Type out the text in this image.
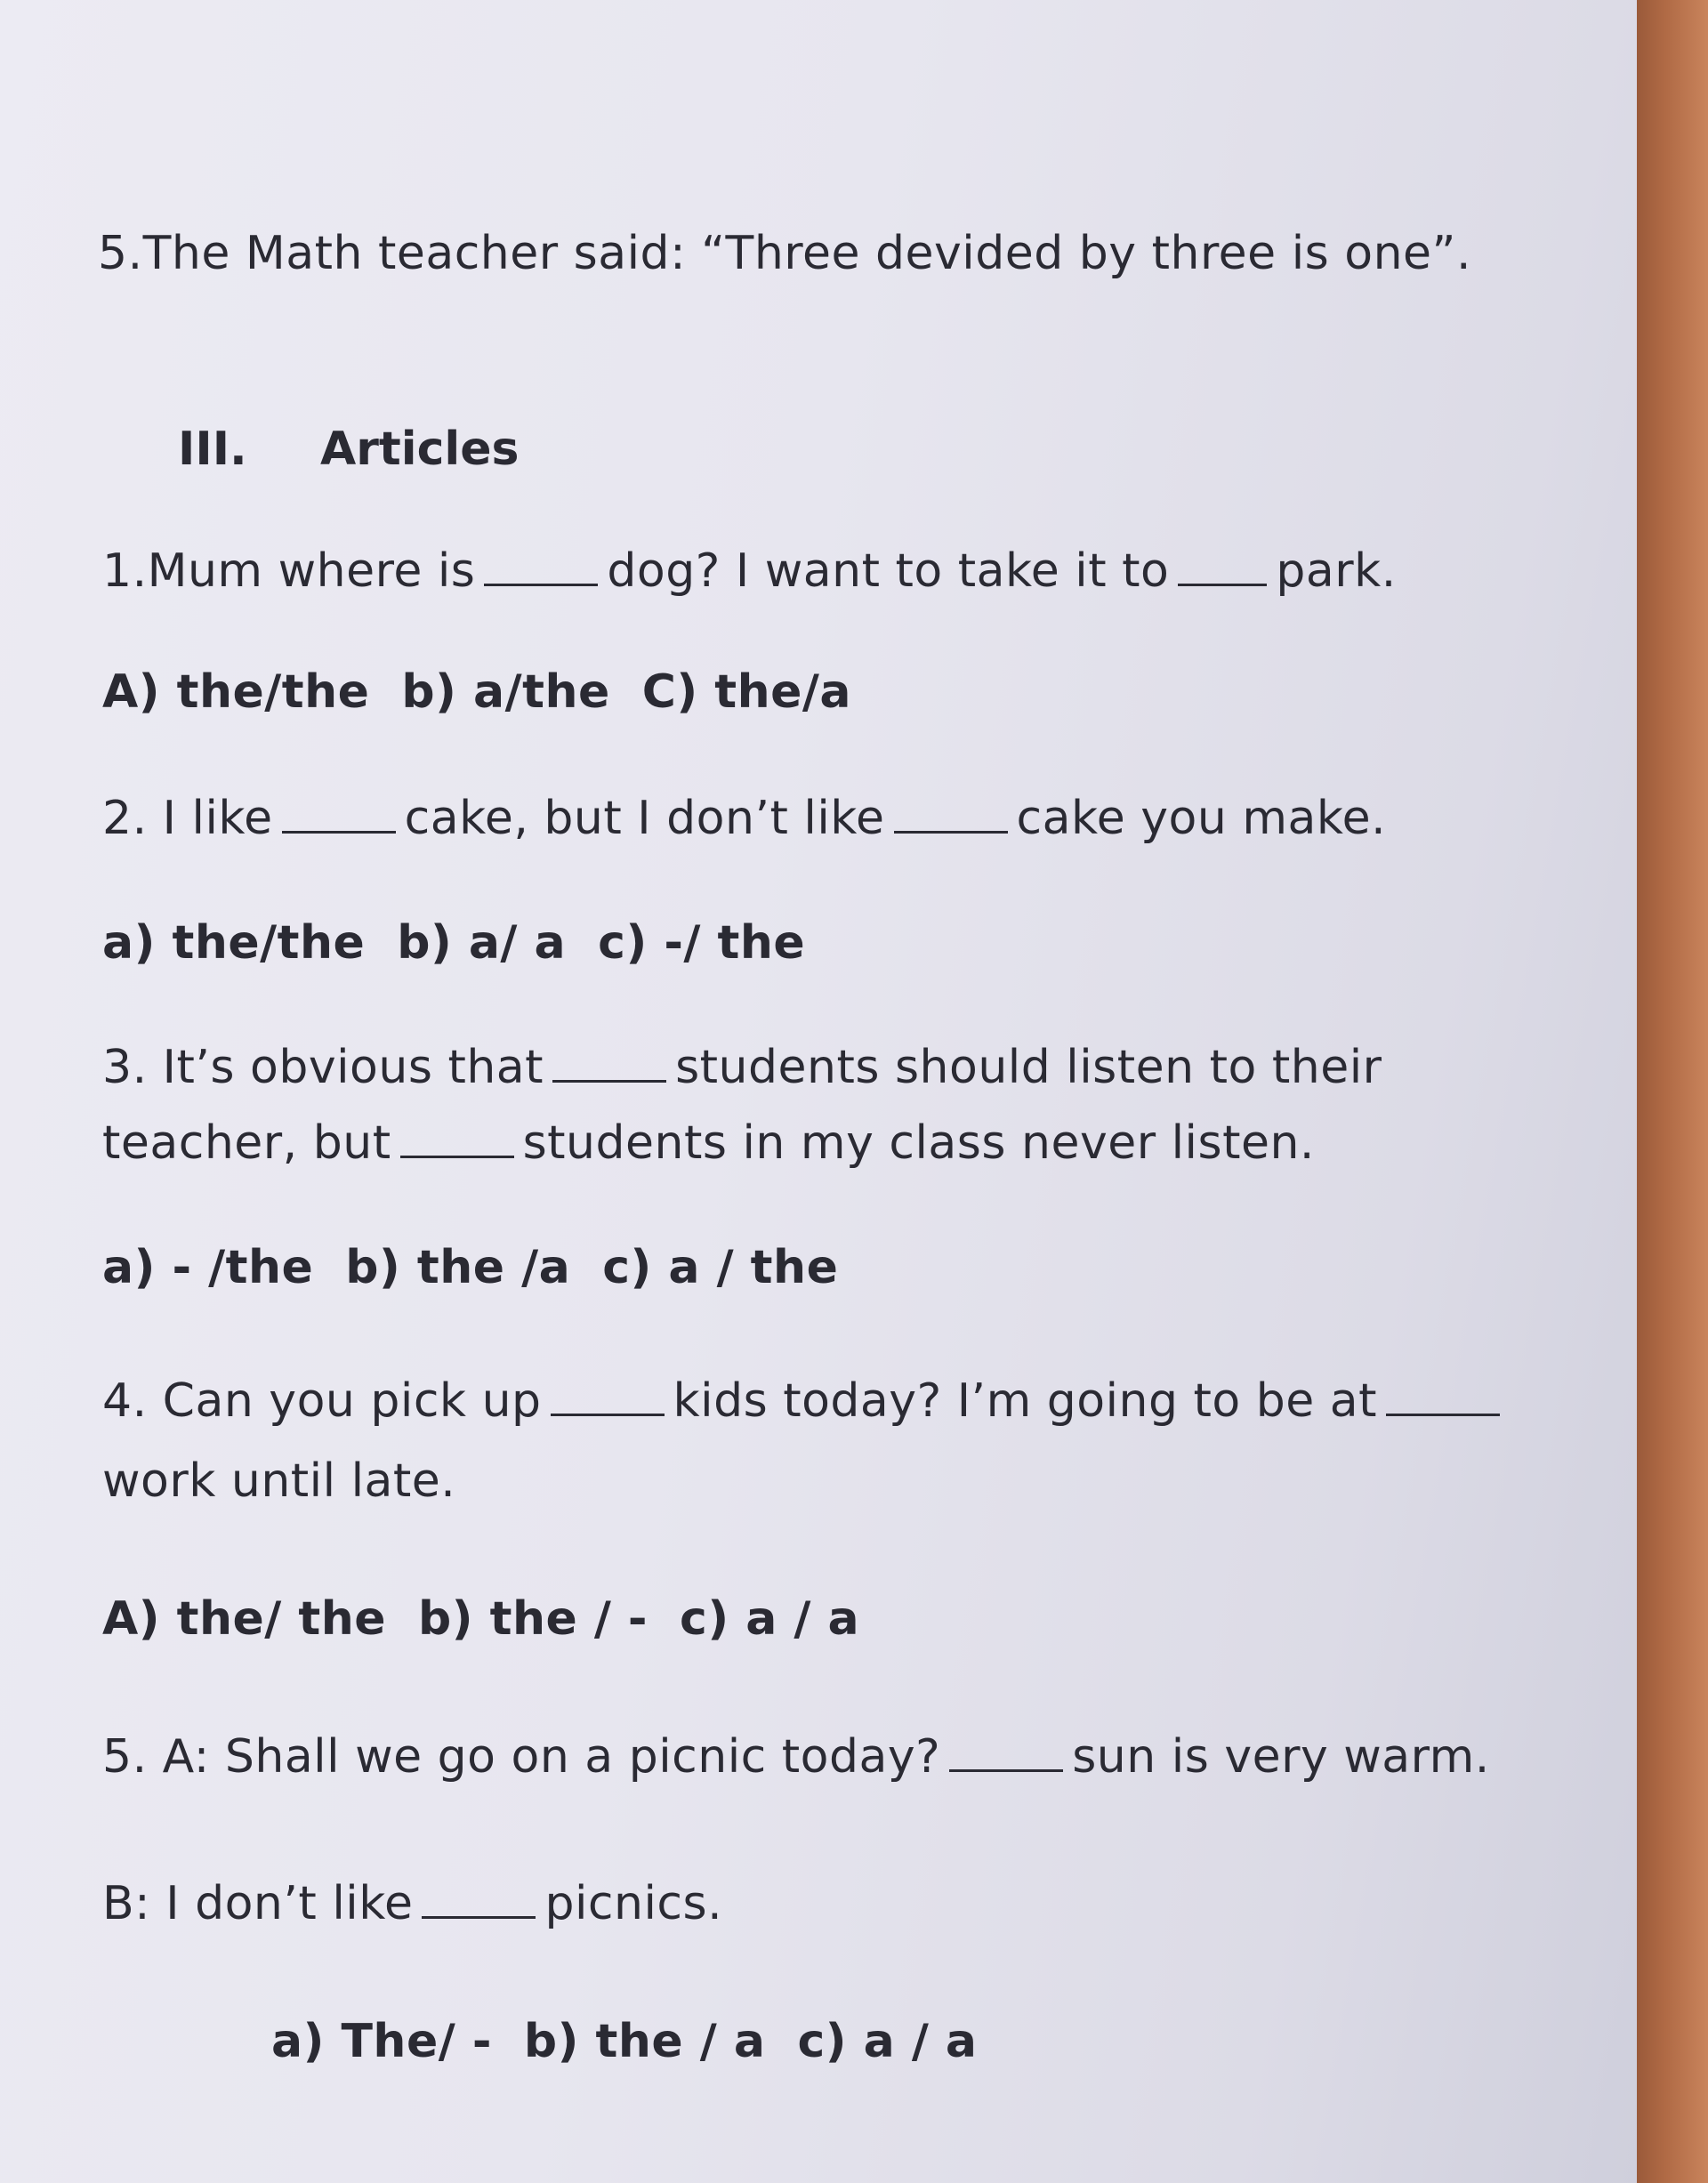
5.The Math teacher said: “Three devided by three is one”.
III. Articles
1.Mum where is	dog? I want to take it to park.
A) the/the b) a/the C) the/a
2. I like	cake, but I don’t like	cake you make.
a) the/the b) a/ a c) -/ the
3. It’s obvious that	students should listen to their
teacher, but	students in my class never listen.
a) - /the b) the /a c) a / the
4. Can you pick up	kids today? I’m going to be at
work until late.
A) the/ the b) the / - c) a / a
5. A: Shall we go on a picnic today?	sun is very warm.
B: I don’t like	picnics.
a) The/ - b) the / a c) a / a
